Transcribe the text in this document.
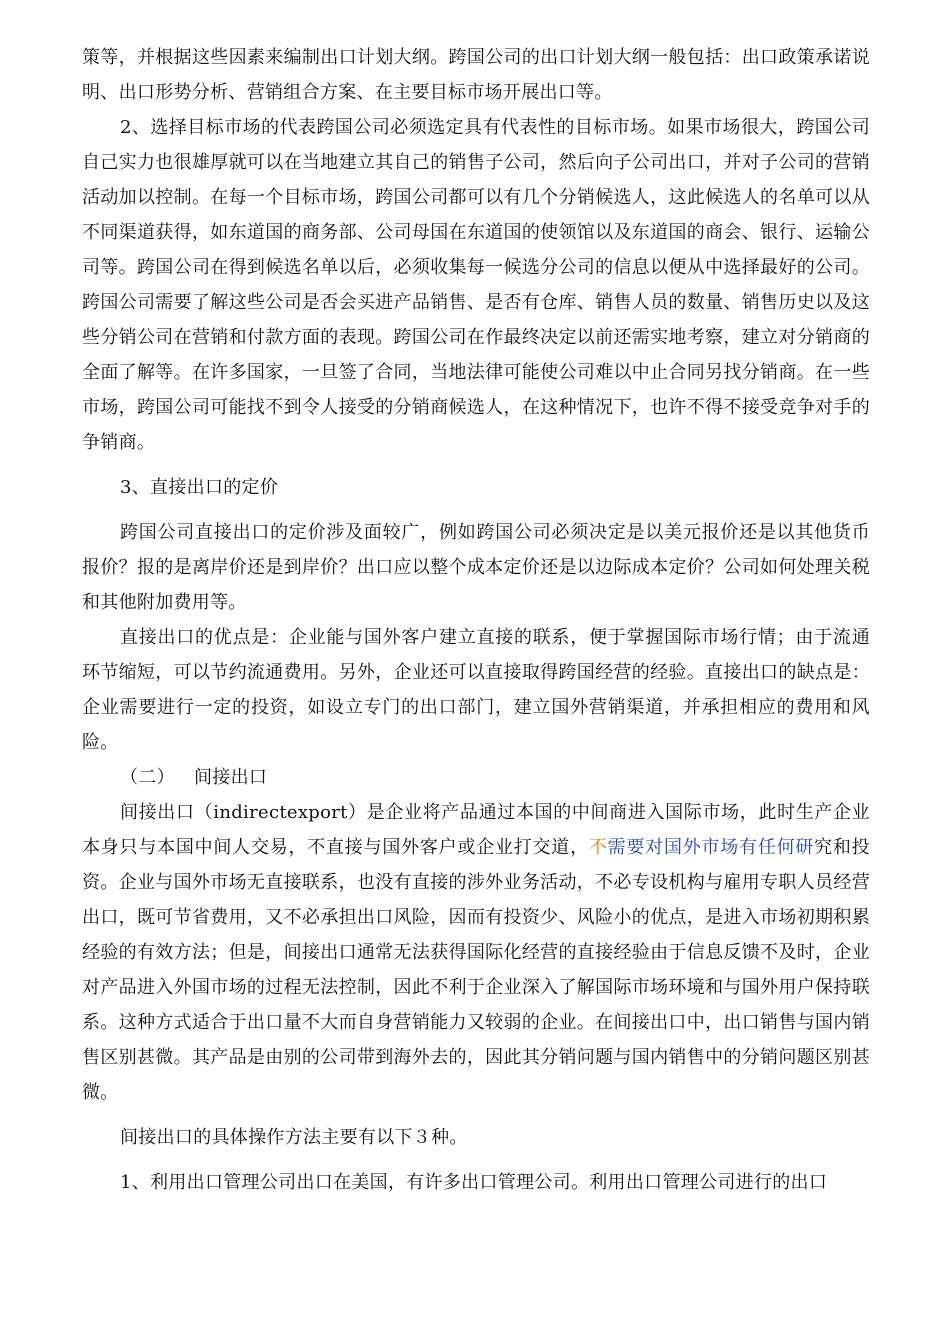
策等，并根据这些因素来编制出口计划大纲。跨国公司的出口计划大纲一般包括：出口政策承诺说明、出口形势分析、营销组合方案、在主要目标市场开展出口等。

2、选择目标市场的代表跨国公司必须选定具有代表性的目标市场。如果市场很大，跨国公司自己实力也很雄厚就可以在当地建立其自己的销售子公司，然后向子公司出口，并对子公司的营销活动加以控制。在每一个目标市场，跨国公司都可以有几个分销候选人，这此候选人的名单可以从不同渠道获得，如东道国的商务部、公司母国在东道国的使领馆以及东道国的商会、银行、运输公司等。跨国公司在得到候选名单以后，必须收集每一候选分公司的信息以便从中选择最好的公司。跨国公司需要了解这些公司是否会买进产品销售、是否有仓库、销售人员的数量、销售历史以及这些分销公司在营销和付款方面的表现。跨国公司在作最终决定以前还需实地考察，建立对分销商的全面了解等。在许多国家，一旦签了合同，当地法律可能使公司难以中止合同另找分销商。在一些市场，跨国公司可能找不到令人接受的分销商候选人，在这种情况下，也许不得不接受竞争对手的争销商。

3、直接出口的定价

跨国公司直接出口的定价涉及面较广，例如跨国公司必须决定是以美元报价还是以其他货币报价？报的是离岸价还是到岸价？出口应以整个成本定价还是以边际成本定价？公司如何处理关税和其他附加费用等。

直接出口的优点是：企业能与国外客户建立直接的联系，便于掌握国际市场行情；由于流通环节缩短，可以节约流通费用。另外，企业还可以直接取得跨国经营的经验。直接出口的缺点是：企业需要进行一定的投资，如设立专门的出口部门，建立国外营销渠道，并承担相应的费用和风险。

（二） 间接出口

间接出口（indirectexport）是企业将产品通过本国的中间商进入国际市场，此时生产企业本身只与本国中间人交易，不直接与国外客户或企业打交道，不需要对国外市场有任何研究和投资。企业与国外市场无直接联系，也没有直接的涉外业务活动，不必专设机构与雇用专职人员经营出口，既可节省费用，又不必承担出口风险，因而有投资少、风险小的优点，是进入市场初期积累经验的有效方法；但是，间接出口通常无法获得国际化经营的直接经验由于信息反馈不及时，企业对产品进入外国市场的过程无法控制，因此不利于企业深入了解国际市场环境和与国外用户保持联系。这种方式适合于出口量不大而自身营销能力又较弱的企业。在间接出口中，出口销售与国内销售区别甚微。其产品是由别的公司带到海外去的，因此其分销问题与国内销售中的分销问题区别甚微。

间接出口的具体操作方法主要有以下３种。

1、利用出口管理公司出口在美国，有许多出口管理公司。利用出口管理公司进行的出口
